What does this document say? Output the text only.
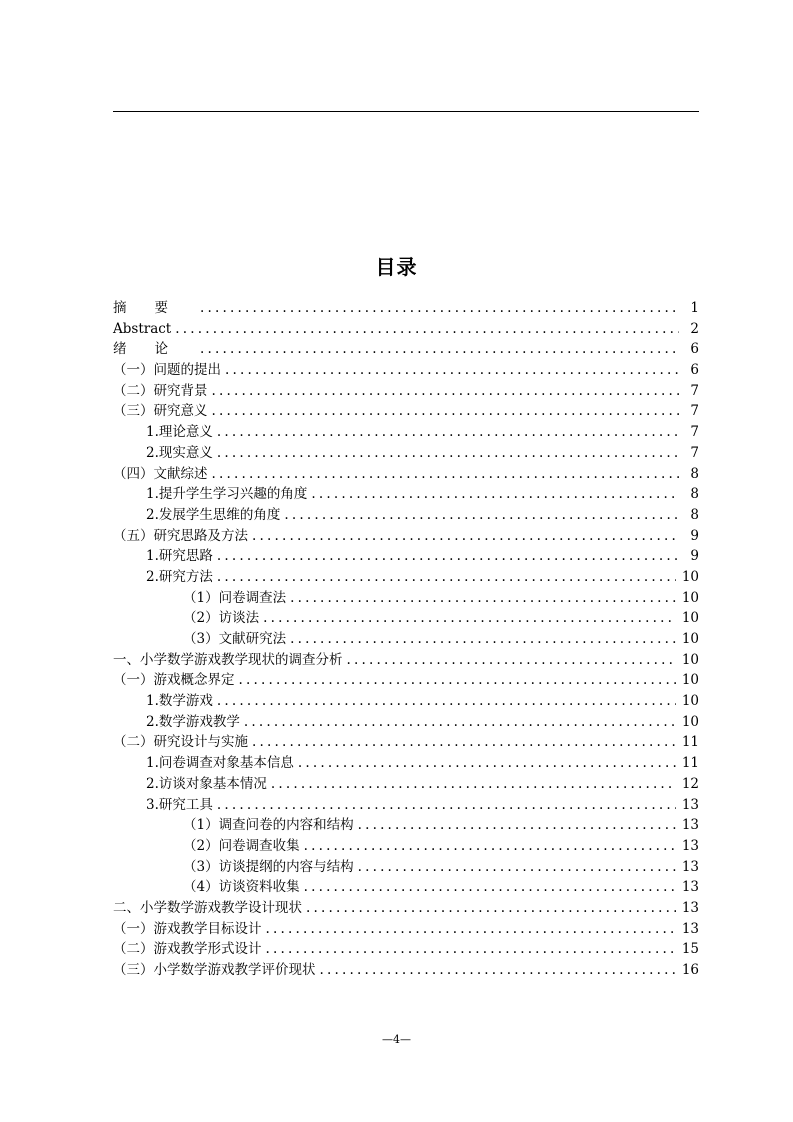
目录
摘要 .....	1
Abstract .....	2
绪论 .....	6
（一）问题的提出 .....	6
（二）研究背景 .....	7
（三）研究意义 .....	7
1.理论意义 .....	7
2.现实意义 .....	7
（四）文献综述 .....	8
1.提升学生学习兴趣的角度 .....	8
2.发展学生思维的角度 .....	8
（五）研究思路及方法 .....	9
1.研究思路 .....	9
2.研究方法 .....	10
（1）问卷调查法 .....	10
（2）访谈法 .....	10
（3）文献研究法 .....	10
一、小学数学游戏教学现状的调查分析 .....	10
（一）游戏概念界定 .....	10
1.数学游戏 .....	10
2.数学游戏教学 .....	10
（二）研究设计与实施 .....	11
1.问卷调查对象基本信息 .....	11
2.访谈对象基本情况 .....	12
3.研究工具 .....	13
（1）调查问卷的内容和结构 .....	13
（2）问卷调查收集 .....	13
（3）访谈提纲的内容与结构 .....	13
（4）访谈资料收集 .....	13
二、小学数学游戏教学设计现状 .....	13
（一）游戏教学目标设计 .....	13
（二）游戏教学形式设计 .....	15
（三）小学数学游戏教学评价现状 .....	16
—4—
